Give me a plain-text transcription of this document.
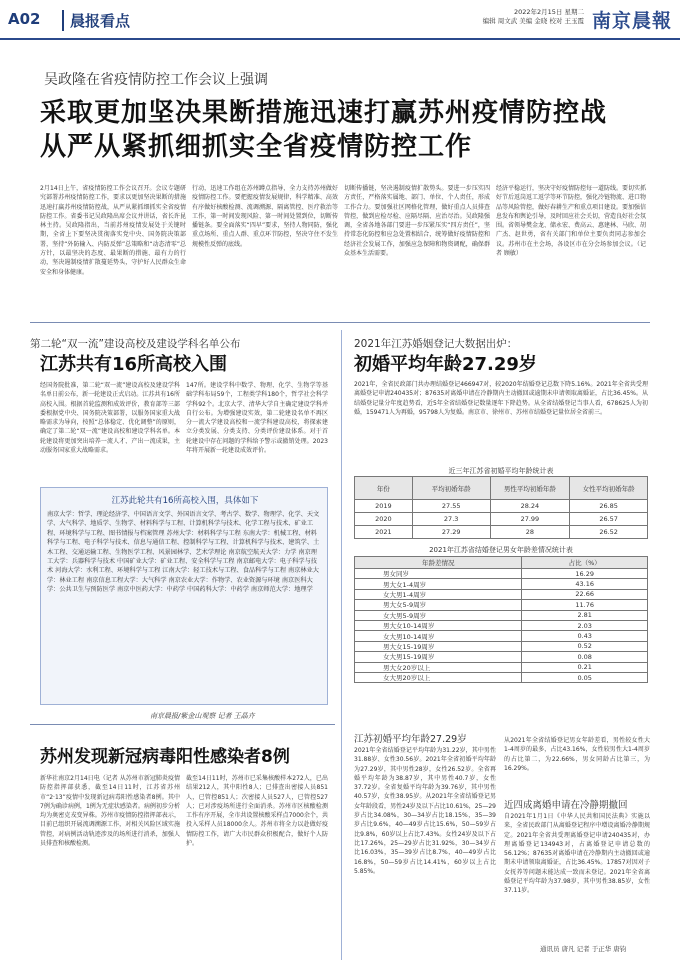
A02	晨报看点	2022年2月15日 星期二
编辑 周文武 美编 金晓 校对 王玉霞 南京晨報
吴政隆在省疫情防控工作会议上强调
采取更加坚决果断措施迅速打赢苏州疫情防控战
从严从紧抓细抓实全省疫情防控工作
2月14日上午，省疫情防控工作会议召开。会议专题研究部署苏州疫情防控工作，要求以更加坚决果断的措施迅速打赢苏州疫情防控战，从严从紧抓细抓实全省疫情防控工作。省委书记吴政隆出席会议并讲话，省长许昆林主持。吴政隆指出，当前苏州疫情发展处于关键时期，全省上下要坚决贯彻落实党中央、国务院决策部署，坚持“外防输入、内防反弹”总策略和“动态清零”总方针，以最坚决的态度、最果断的措施、最有力的行动，坚决遏制疫情扩散蔓延势头，守护好人民群众生命安全和身体健康。
行动，迅速工作组在苏州蹲点指导，全力支持苏州做好疫情防控工作。要把握疫情发展规律，科学精准、高效有序做好核酸检测、流调溯源、隔离管控、医疗救治等工作，第一时间发现风险、第一时间处置到位，切断传播链条。要全面落实“四早”要求，坚持人物同防，强化重点场所、重点人群、重点环节防控，坚决守住不发生规模性反弹的底线。
切断传播链，坚决遏制疫情扩散势头。要进一步压实四方责任，严格落实属地、部门、单位、个人责任，形成工作合力。要加强社区网格化管理，做好重点人员排查管控，做到应检尽检、应隔尽隔、应治尽治。吴政隆强调，全省各地各部门要进一步压紧压实“四方责任”，坚持常态化防控和应急处置相结合，统筹做好疫情防控和经济社会发展工作，加强应急保障和物资调配，确保群众基本生活需要。
经济平稳运行，坚决守好疫情防控每一道防线。要切实抓好节后返岗返工返学等环节防控，强化冷链物流、进口物品等风险管控，做好春耕生产和重点项目建设。要加强信息发布和舆论引导，及时回应社会关切，营造良好社会氛围。省领导樊金龙、储永宏、费高云、惠建林、马欣、胡广杰、赵世勇，省有关部门和单位主要负责同志参加会议。苏州市在主会场，各设区市在分会场参加会议。（记者 顾敏）
第二轮“双一流”建设高校及建设学科名单公布
江苏共有16所高校入围
经国务院批准，第二轮“双一流”建设高校及建设学科名单日前公布，新一轮建设正式启动。江苏共有16所高校入围。根据首轮监测和成效评价，教育部等三部委根据党中央、国务院决策部署，以服务国家重大战略需求为导向，按照“总体稳定、优化调整”的原则，确定了第二轮“双一流”建设高校和建设学科名单。本轮建设将更加突出培养一流人才、产出一流成果，主动服务国家重大战略需求。
147所。建设学科中数学、物理、化学、生物学等基础学科布局59个，工程类学科180个，哲学社会科学学科92个。北京大学、清华大学自主确定建设学科并自行公布。为增强建设实效，第二轮建设名单不再区分一流大学建设高校和一流学科建设高校，将探索建立分类发展、分类支持、分类评价建设体系。对于首轮建设中存在问题的学科给予警示或撤销处理。2023年将开展新一轮建设成效评价。
江苏此轮共有16所高校入围，具体如下
南京大学：哲学、理论经济学、中国语言文学、外国语言文学、考古学、数学、物理学、化学、天文学、大气科学、地质学、生物学、材料科学与工程、计算机科学与技术、化学工程与技术、矿业工程、环境科学与工程、图书情报与档案管理 苏州大学：材料科学与工程 东南大学：机械工程、材料科学与工程、电子科学与技术、信息与通信工程、控制科学与工程、计算机科学与技术、建筑学、土木工程、交通运输工程、生物医学工程、风景园林学、艺术学理论 南京航空航天大学：力学 南京理工大学：兵器科学与技术 中国矿业大学：矿业工程、安全科学与工程 南京邮电大学：电子科学与技术 河海大学：水利工程、环境科学与工程 江南大学：轻工技术与工程、食品科学与工程 南京林业大学：林业工程 南京信息工程大学：大气科学 南京农业大学：作物学、农业资源与环境 南京医科大学：公共卫生与预防医学 南京中医药大学：中药学 中国药科大学：中药学 南京师范大学：地理学
南京晨报/紫金山观察 记者 王晶卉
2021年江苏婚姻登记大数据出炉：
初婚平均年龄27.29岁
2021年，全省民政部门共办理结婚登记466947对，较2020年结婚登记总数下降5.16%。2021年全省共受理离婚登记申请240435对；87635对离婚申请在冷静期内主动撤回或逾期未申请领取离婚证，占比36.45%。从结婚登记量分年度趋势看，近5年全省结婚登记数量逐年下降趋势。从全省结婚登记当事人看，678625人为初婚，159471人为再婚，95798人为复婚。南京市、徐州市、苏州市结婚登记量位居全省前三。
近三年江苏省初婚平均年龄统计表
年份	平均初婚年龄	男性平均初婚年龄	女性平均初婚年龄
2019	27.55	28.24	26.85
2020	27.3	27.99	26.57
2021	27.29	28	26.52
2021年江苏省结婚登记男女年龄差情况统计表
年龄差情况	占比（%）
男女同岁	16.29
男大女1-4周岁	43.16
女大男1-4周岁	22.66
男大女5-9周岁	11.76
女大男5-9周岁	2.81
男大女10-14周岁	2.03
女大男10-14周岁	0.43
男大女15-19周岁	0.52
女大男15-19周岁	0.08
男大女20岁以上	0.21
女大男20岁以上	0.05
江苏初婚平均年龄27.29岁
2021年全省结婚登记平均年龄为31.22岁，其中男性31.88岁、女性30.56岁。2021年全省初婚平均年龄为27.29岁，其中男性28岁，女性26.52岁。全省再婚平均年龄为38.87岁，其中男性40.7岁，女性37.72岁。全省复婚平均年龄为39.76岁，其中男性40.57岁，女性38.95岁。从2021年全省结婚登记男女年龄段看，男性24岁及以下占比10.61%，25—29岁占比34.08%，30—34岁占比18.15%，35—39岁占比9.6%，40—49岁占比15.6%，50—59岁占比9.8%，60岁以上占比7.43%。女性24岁及以下占比17.26%，25—29岁占比31.92%，30—34岁占比16.03%，35—39岁占比8.7%，40—49岁占比16.8%，50—59岁占比14.41%，60岁以上占比5.85%。
从2021年全省结婚登记男女年龄差看，男性较女性大1-4周岁的最多，占比43.16%，女性较男性大1-4周岁的占比第二，为22.66%，男女同龄占比第三，为16.29%。
近四成离婚申请在冷静期撤回
自2021年1月1日《中华人民共和国民法典》实施以来，全省民政部门从离婚登记程序中增设离婚冷静期规定。2021年全省共受理离婚登记申请240435对，办理离婚登记134943对，占离婚登记申请总数的56.12%；87635对离婚申请在冷静期内主动撤回或逾期未申请领取离婚证，占比36.45%。17857对因对子女抚养等问题未能达成一致而未登记。2021年全省离婚登记平均年龄为37.98岁，其中男性38.85岁，女性37.11岁。
通讯员 唐凡 记者 于正华 唐钧
苏州发现新冠病毒阳性感染者8例
新华社南京2月14日电（记者 从苏州市新冠肺炎疫情防控指挥部获悉，截至14日11时，江苏省苏州市“2·13”疫情中发现新冠病毒阳性感染者8例。其中7例为确诊病例，1例为无症状感染者。病例初步分析均为奥密克戎变异株。苏州市疫情防控指挥部表示，目前已组织开展流调溯源工作，对相关风险区域实施管控，对病例活动轨迹涉及的场所进行消杀，加强人员排查和核酸检测。
截至14日11时，苏州市已采集核酸样本272人，已出结果212人，其中阳性8人；已排查出密接人员851人，已管控851人；次密接人员527人，已管控527人；已对涉疫场所进行全面消杀。苏州市区核酸检测工作有序开展，全市共设置核酸采样点7000余个，共投入采样人员18000余人。苏州市将全力以赴做好疫情防控工作，请广大市民群众积极配合，做好个人防护。
